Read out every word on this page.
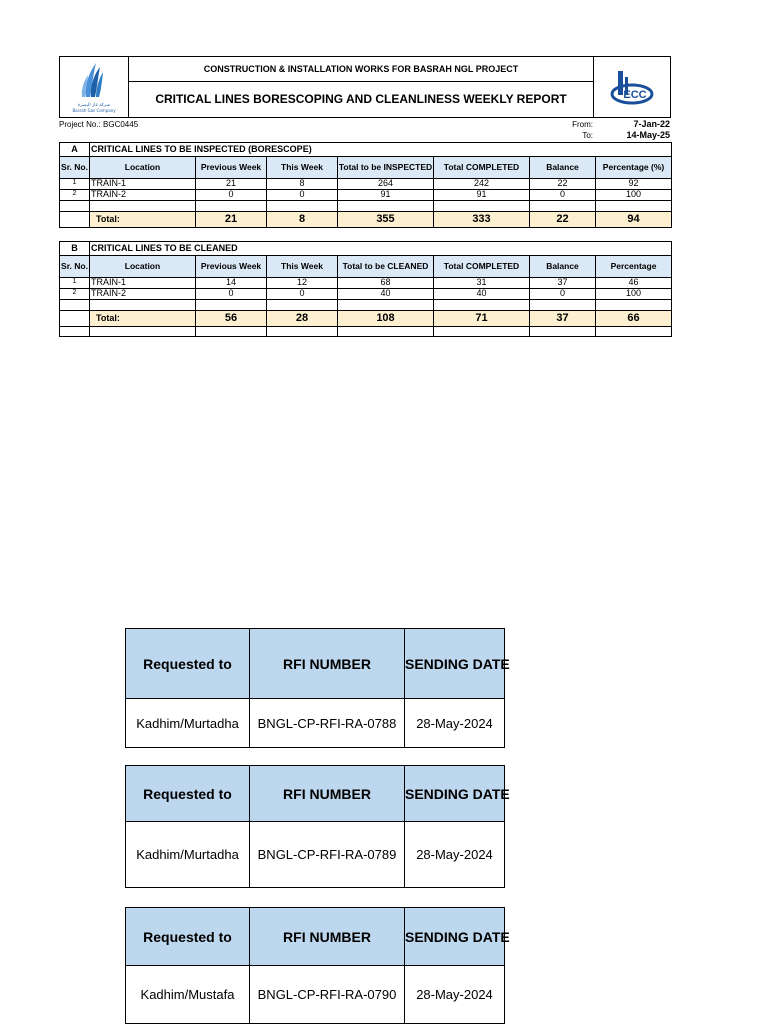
شركة غاز البصرة
Basrah Gas Company
CONSTRUCTION & INSTALLATION WORKS FOR BASRAH NGL PROJECT
CRITICAL LINES BORESCOPING AND CLEANLINESS WEEKLY REPORT	ECC
Project No.: BGC0445	From:	7-Jan-22
To:	14-May-25
A	CRITICAL LINES TO BE INSPECTED (BORESCOPE)						
Sr. No.	Location	Previous Week	This Week	Total to be INSPECTED	Total COMPLETED	Balance	Percentage (%)
1	TRAIN-1	21	8	264	242	22	92
2	TRAIN-2	0	0	91	91	0	100

	Total:	21	8	355	333	22	94
B	CRITICAL LINES TO BE CLEANED						
Sr. No.	Location	Previous Week	This Week	Total to be CLEANED	Total COMPLETED	Balance	Percentage
1	TRAIN-1	14	12	68	31	37	46
2	TRAIN-2	0	0	40	40	0	100

	Total:	56	28	108	71	37	66

Requested to	RFI NUMBER	SENDING DATE
Kadhim/Murtadha	BNGL-CP-RFI-RA-0788	28-May-2024
Requested to	RFI NUMBER	SENDING DATE
Kadhim/Murtadha	BNGL-CP-RFI-RA-0789	28-May-2024
Requested to	RFI NUMBER	SENDING DATE
Kadhim/Mustafa	BNGL-CP-RFI-RA-0790	28-May-2024
